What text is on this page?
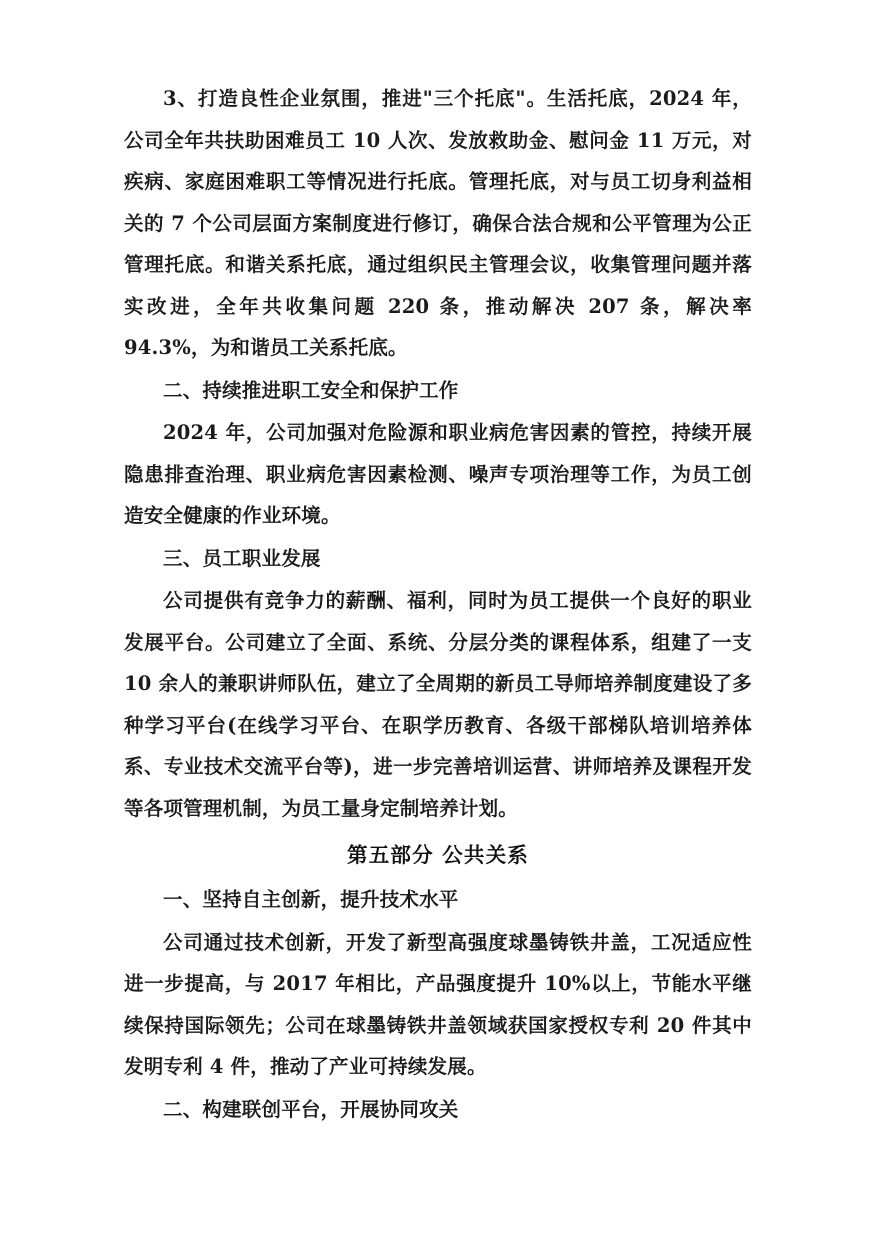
3、打造良性企业氛围，推进"三个托底"。生活托底，2024 年，公司全年共扶助困难员工 10 人次、发放救助金、慰问金 11 万元，对疾病、家庭困难职工等情况进行托底。管理托底，对与员工切身利益相关的 7 个公司层面方案制度进行修订，确保合法合规和公平管理为公正管理托底。和谐关系托底，通过组织民主管理会议，收集管理问题并落实改进，全年共收集问题 220 条，推动解决 207 条，解决率 94.3%，为和谐员工关系托底。

二、持续推进职工安全和保护工作

2024 年，公司加强对危险源和职业病危害因素的管控，持续开展隐患排查治理、职业病危害因素检测、噪声专项治理等工作，为员工创造安全健康的作业环境。

三、员工职业发展

公司提供有竞争力的薪酬、福利，同时为员工提供一个良好的职业发展平台。公司建立了全面、系统、分层分类的课程体系，组建了一支 10 余人的兼职讲师队伍，建立了全周期的新员工导师培养制度建设了多种学习平台(在线学习平台、在职学历教育、各级干部梯队培训培养体系、专业技术交流平台等)，进一步完善培训运营、讲师培养及课程开发等各项管理机制，为员工量身定制培养计划。

第五部分 公共关系

一、坚持自主创新，提升技术水平

公司通过技术创新，开发了新型高强度球墨铸铁井盖，工况适应性进一步提高，与 2017 年相比，产品强度提升 10%以上，节能水平继续保持国际领先；公司在球墨铸铁井盖领域获国家授权专利 20 件其中发明专利 4 件，推动了产业可持续发展。

二、构建联创平台，开展协同攻关
